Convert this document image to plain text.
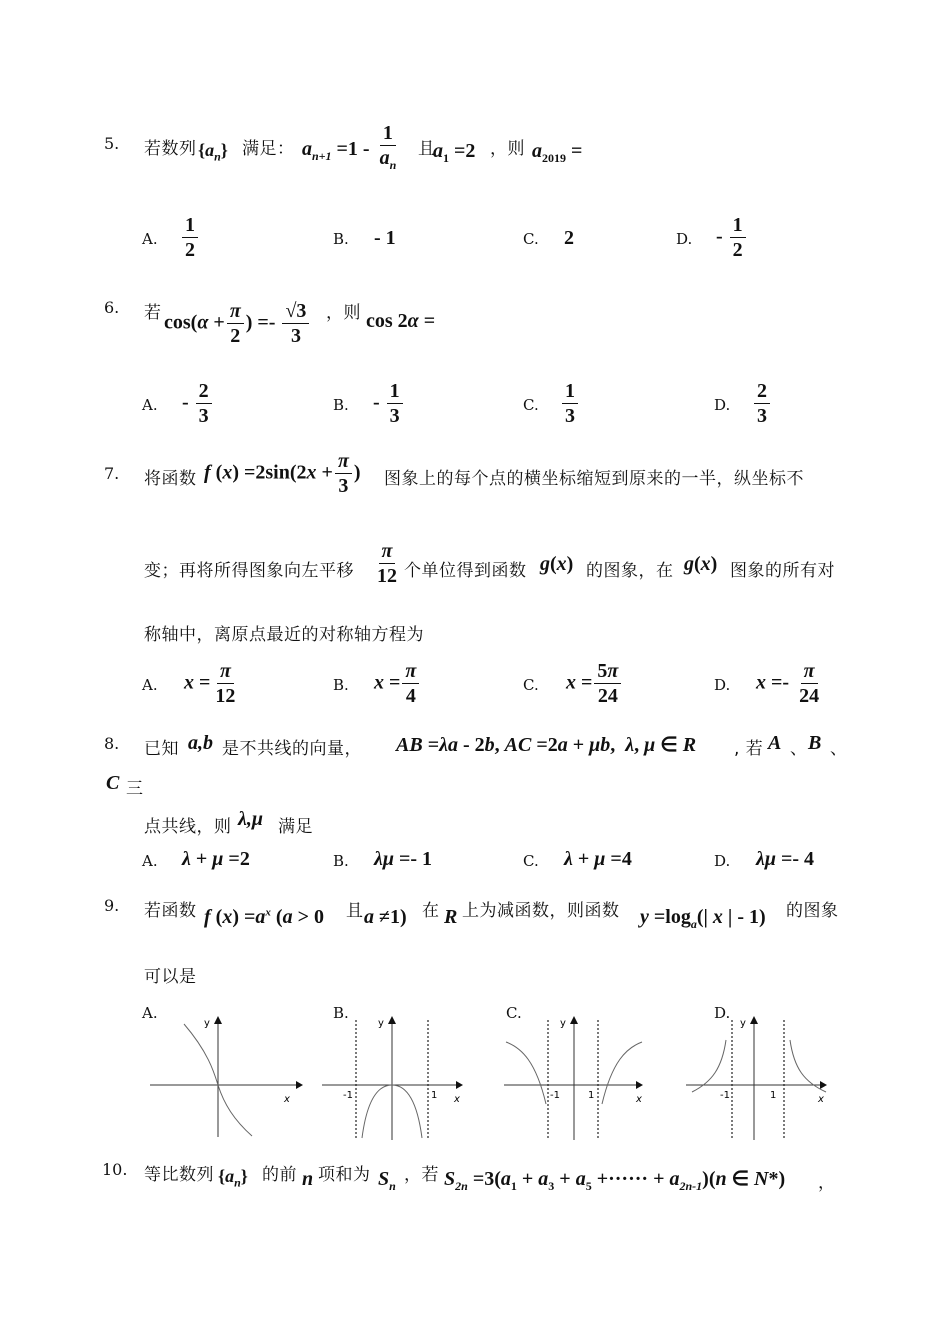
5. 若数列 $\{a_n\}$ 满足： $a_{n+1} =1 - \frac{1}{a_n}$ 且
$a_1 =2$ ，则 $a_{2019}$ =
A. $\frac{1}{2}$	B. - 1	C. 2	D. - $\frac{1}{2}$
6. 若 $\cos(\alpha + \frac{\pi}{2}$ ) =- $\frac{√3}{3}$ ，则 cos 2α =
A. - $\frac{2}{3}$	B. - $\frac{1}{3}$	C. $\frac{1}{3}$	D. $\frac{2}{3}$
7. 将函数 f $(x) =2\sin(2x + \frac{\pi}{3}$ ) 图象上的每个点的横坐标缩短到原来的一半，纵坐标不
变；再将所得图象向左平移 $\frac{\pi}{12}$ 个单位得到函数 g(x) 的图象，在 g(x) 图象的所有对
称轴中，离原点最近的对称轴方程为
A. $x = \frac{\pi}{12}$	B. $x = \frac{\pi}{4}$	C. $x = \frac{5\pi}{24}$	D. $x =- \frac{\pi}{24}$
8. 已知 a,b 是不共线的向量， AB =λa - 2b, AC =2a + μb,  λ, μ ∈ R , 若 A 、 B 、
C 三
点共线，则 λ,μ 满足
A. λ + μ =2	B. λμ =- 1	C. λ + μ =4	D. λμ =- 4
9. 若函数 f $(x) =a^x$ (a > 0 且 a ≠1) 在 R 上为减函数，则函数 $y =\log_a(|$ x | - 1) 的图象
可以是
A.
y
x
B.
y
x
-1	1
C.
y
x
-1	1
D.
y
x
-1	1
10. 等比数列 $\{a_n\}$ 的前 n 项和为 $S_n$
，若 $S_{2n} =3(a_1 + a_3 + a_5$ +······ + $a_{2n-1})(n$ ∈ N*) ，
